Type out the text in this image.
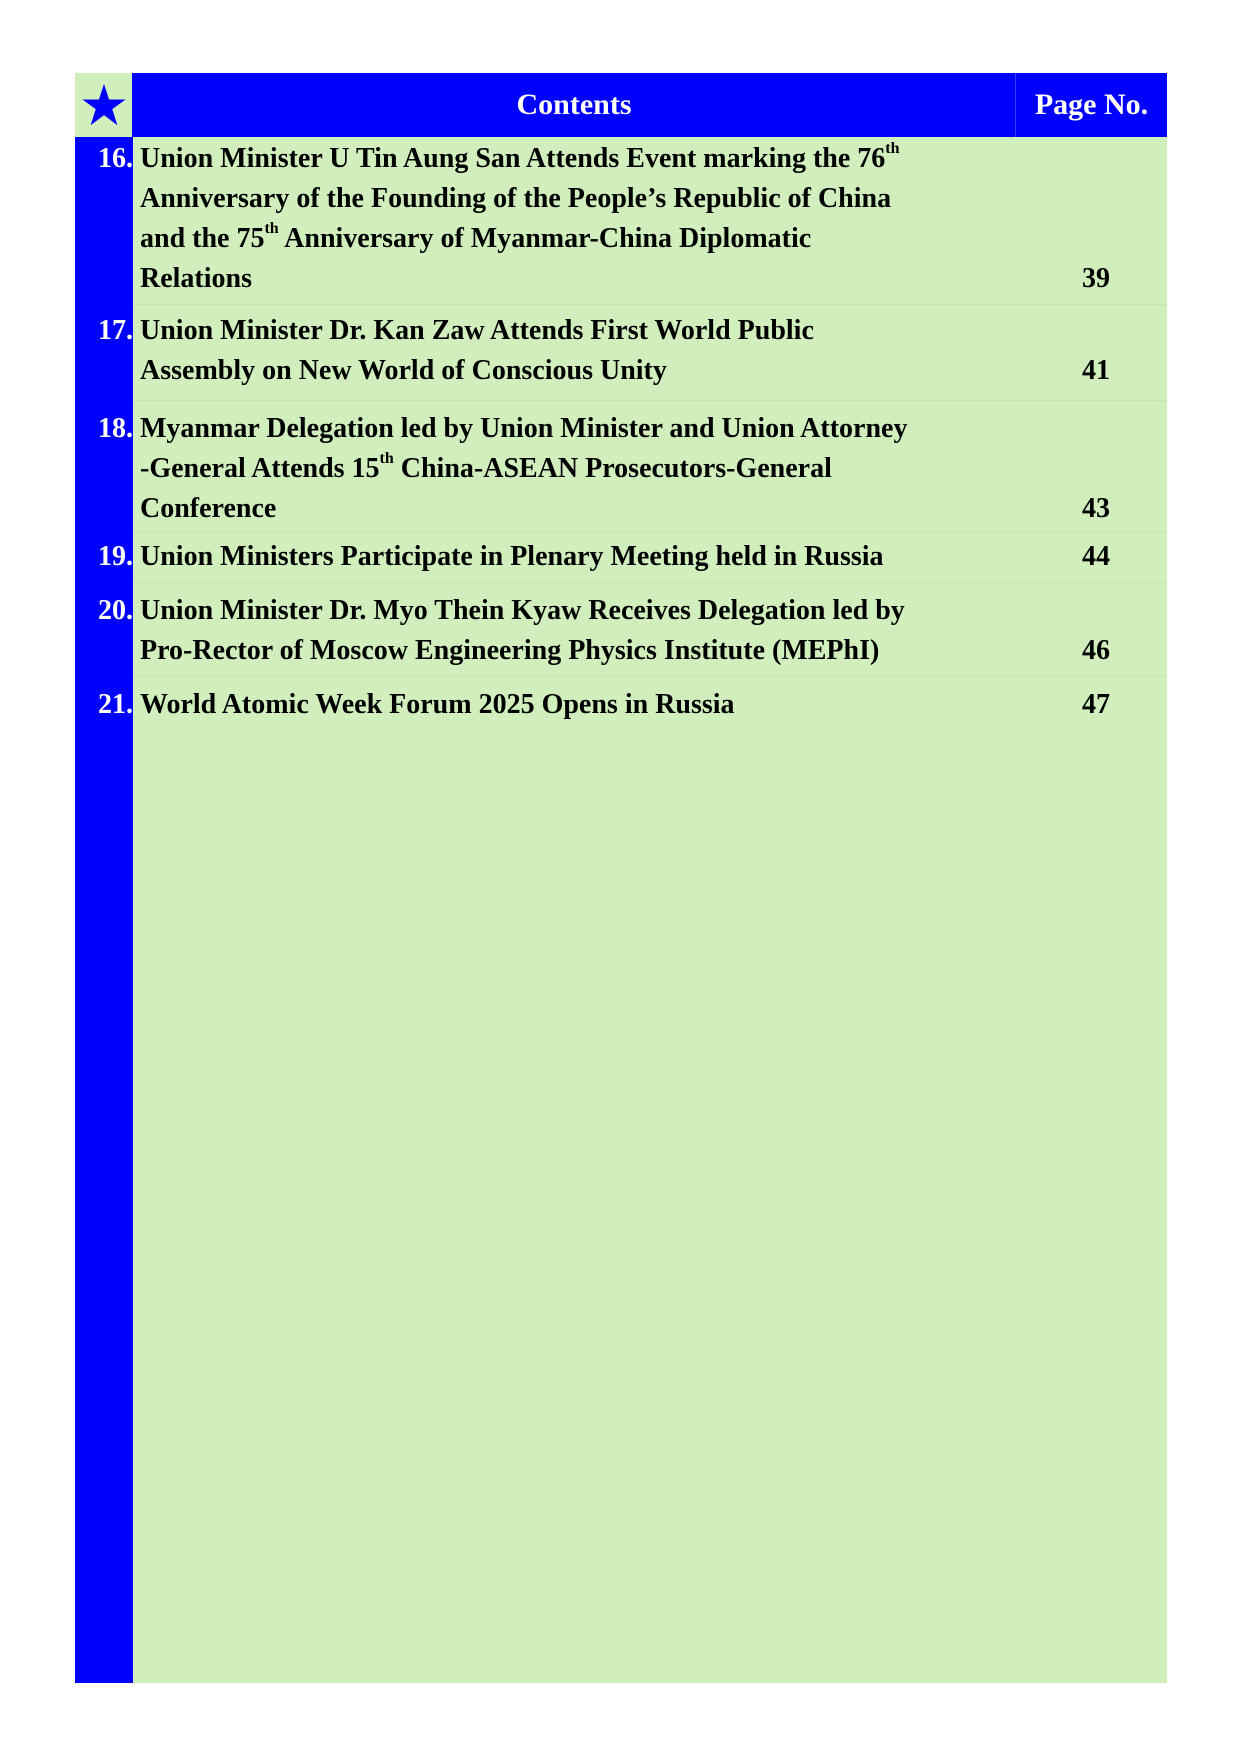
Contents	Page No.
16. Union Minister U Tin Aung San Attends Event marking the 76th
Anniversary of the Founding of the People’s Republic of China
and the 75th Anniversary of Myanmar-China Diplomatic
Relations	39
17. Union Minister Dr. Kan Zaw Attends First World Public
Assembly on New World of Conscious Unity	41
18. Myanmar Delegation led by Union Minister and Union Attorney
-General Attends 15th China-ASEAN Prosecutors-General
Conference	43
19. Union Ministers Participate in Plenary Meeting held in Russia	44
20. Union Minister Dr. Myo Thein Kyaw Receives Delegation led by
Pro-Rector of Moscow Engineering Physics Institute (MEPhI)	46
21. World Atomic Week Forum 2025 Opens in Russia	47
